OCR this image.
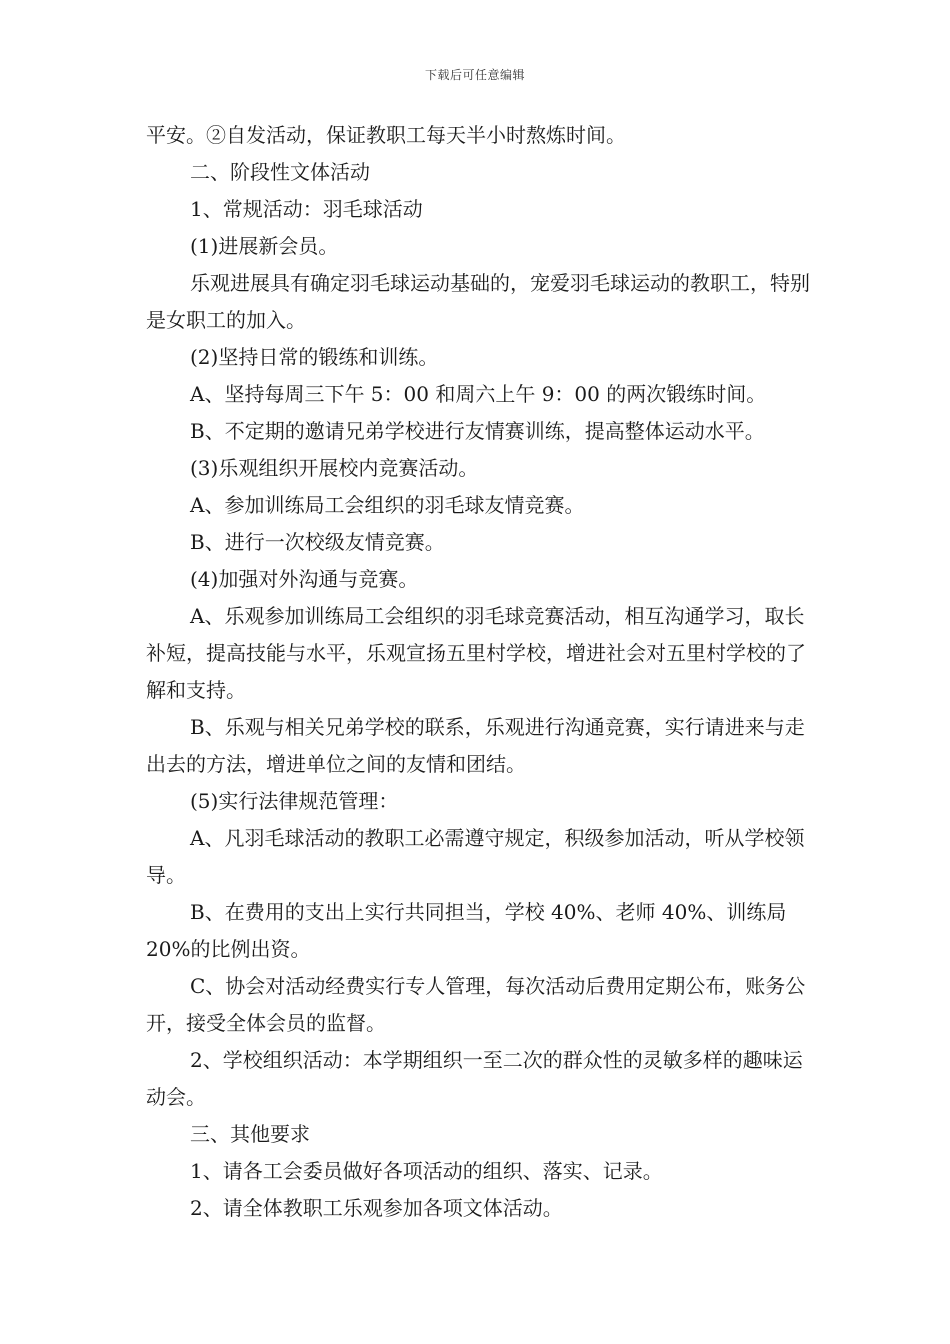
下载后可任意编辑

平安。②自发活动，保证教职工每天半小时熬炼时间。

二、阶段性文体活动

1、常规活动：羽毛球活动

(1)进展新会员。

乐观进展具有确定羽毛球运动基础的，宠爱羽毛球运动的教职工，特别是女职工的加入。

(2)坚持日常的锻练和训练。

A、坚持每周三下午 5：00 和周六上午 9：00 的两次锻练时间。

B、不定期的邀请兄弟学校进行友情赛训练，提高整体运动水平。

(3)乐观组织开展校内竞赛活动。

A、参加训练局工会组织的羽毛球友情竞赛。

B、进行一次校级友情竞赛。

(4)加强对外沟通与竞赛。

A、乐观参加训练局工会组织的羽毛球竞赛活动，相互沟通学习，取长补短，提高技能与水平，乐观宣扬五里村学校，增进社会对五里村学校的了解和支持。

B、乐观与相关兄弟学校的联系，乐观进行沟通竞赛，实行请进来与走出去的方法，增进单位之间的友情和团结。

(5)实行法律规范管理：

A、凡羽毛球活动的教职工必需遵守规定，积级参加活动，听从学校领导。

B、在费用的支出上实行共同担当，学校 40%、老师 40%、训练局 20%的比例出资。

C、协会对活动经费实行专人管理，每次活动后费用定期公布，账务公开，接受全体会员的监督。

2、学校组织活动：本学期组织一至二次的群众性的灵敏多样的趣味运动会。

三、其他要求

1、请各工会委员做好各项活动的组织、落实、记录。

2、请全体教职工乐观参加各项文体活动。
